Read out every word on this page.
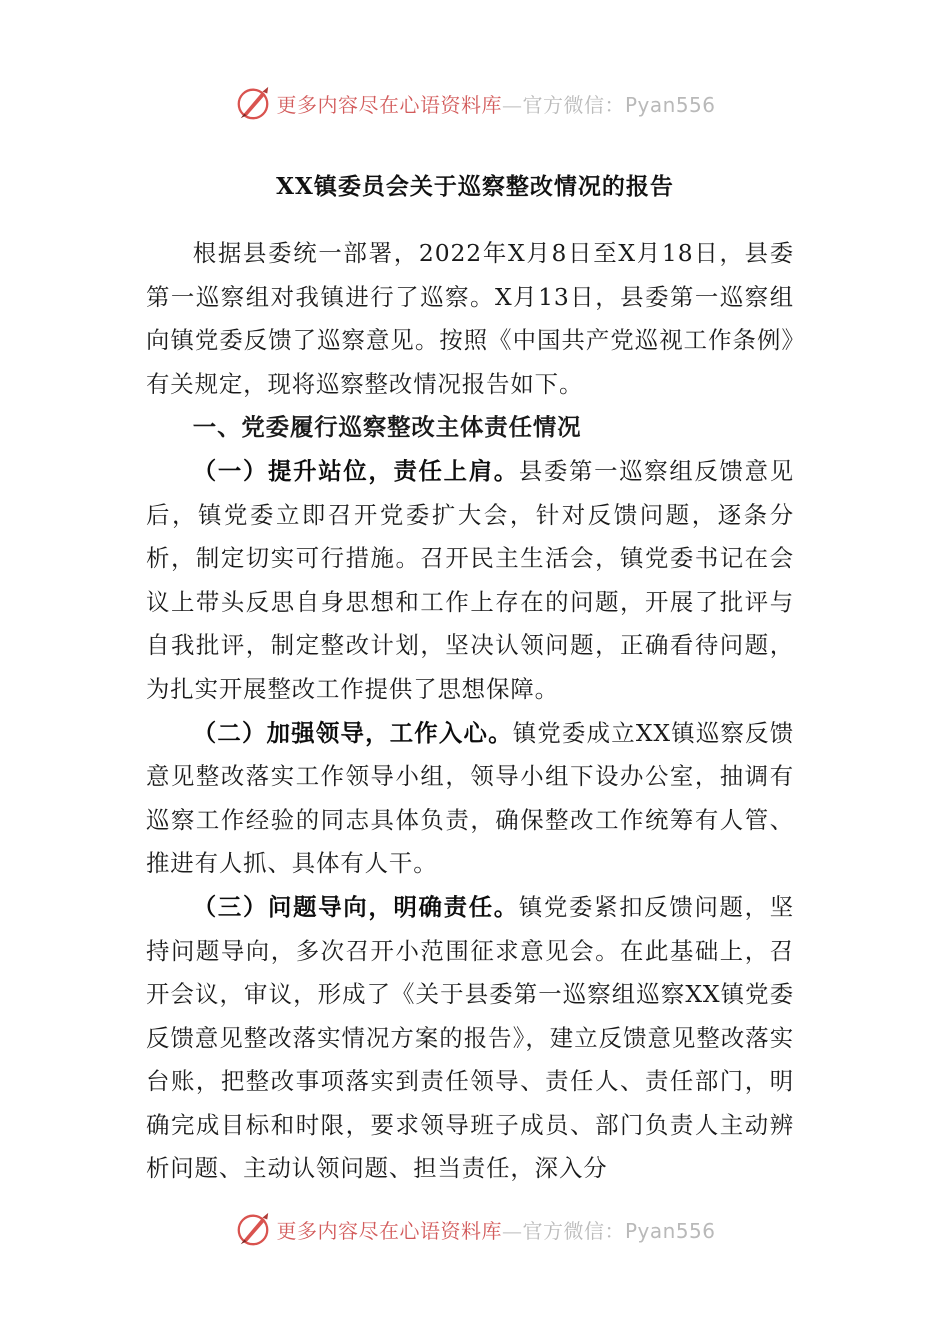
更多内容尽在心语资料库—官方微信：Pyan556
XX镇委员会关于巡察整改情况的报告

根据县委统一部署，2022年X月8日至X月18日，县委第一巡察组对我镇进行了巡察。X月13日，县委第一巡察组向镇党委反馈了巡察意见。按照《中国共产党巡视工作条例》有关规定，现将巡察整改情况报告如下。

一、党委履行巡察整改主体责任情况

（一）提升站位，责任上肩。县委第一巡察组反馈意见后，镇党委立即召开党委扩大会，针对反馈问题，逐条分析，制定切实可行措施。召开民主生活会，镇党委书记在会议上带头反思自身思想和工作上存在的问题，开展了批评与自我批评，制定整改计划，坚决认领问题，正确看待问题，为扎实开展整改工作提供了思想保障。

（二）加强领导，工作入心。镇党委成立XX镇巡察反馈意见整改落实工作领导小组，领导小组下设办公室，抽调有巡察工作经验的同志具体负责，确保整改工作统筹有人管、推进有人抓、具体有人干。

（三）问题导向，明确责任。镇党委紧扣反馈问题，坚持问题导向，多次召开小范围征求意见会。在此基础上，召开会议，审议，形成了《关于县委第一巡察组巡察XX镇党委反馈意见整改落实情况方案的报告》，建立反馈意见整改落实台账，把整改事项落实到责任领导、责任人、责任部门，明确完成目标和时限，要求领导班子成员、部门负责人主动辨析问题、主动认领问题、担当责任，深入分

更多内容尽在心语资料库—官方微信：Pyan556
